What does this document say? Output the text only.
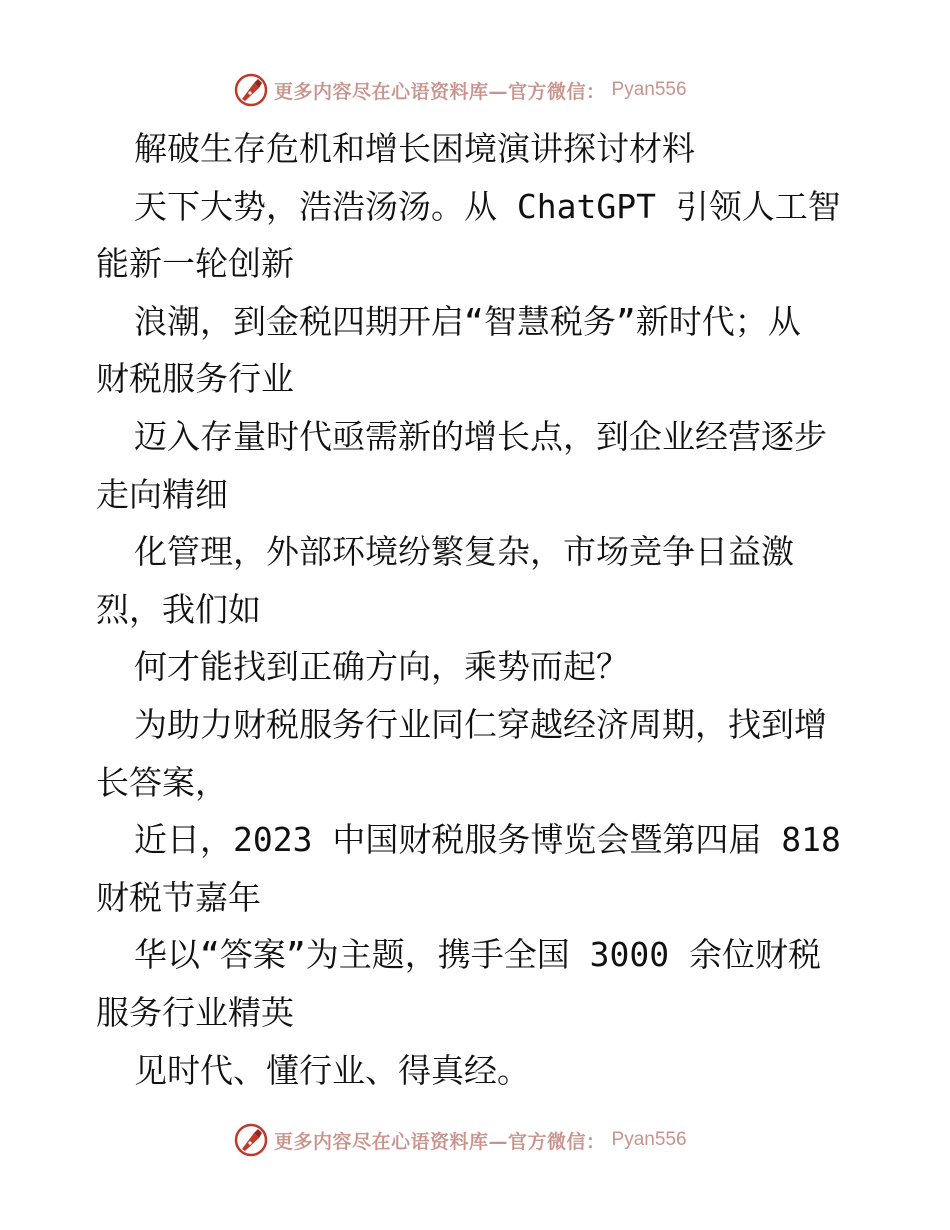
更多内容尽在心语资料库—官方微信： Pyan556

解破生存危机和增长困境演讲探讨材料

天下大势，浩浩汤汤。从 ChatGPT 引领人工智

能新一轮创新

浪潮，到金税四期开启“智慧税务”新时代；从

财税服务行业

迈入存量时代亟需新的增长点，到企业经营逐步

走向精细

化管理，外部环境纷繁复杂，市场竞争日益激

烈，我们如

何才能找到正确方向，乘势而起？

为助力财税服务行业同仁穿越经济周期，找到增

长答案，

近日，2023 中国财税服务博览会暨第四届 818

财税节嘉年

华以“答案”为主题，携手全国 3000 余位财税

服务行业精英

见时代、懂行业、得真经。

更多内容尽在心语资料库—官方微信： Pyan556
